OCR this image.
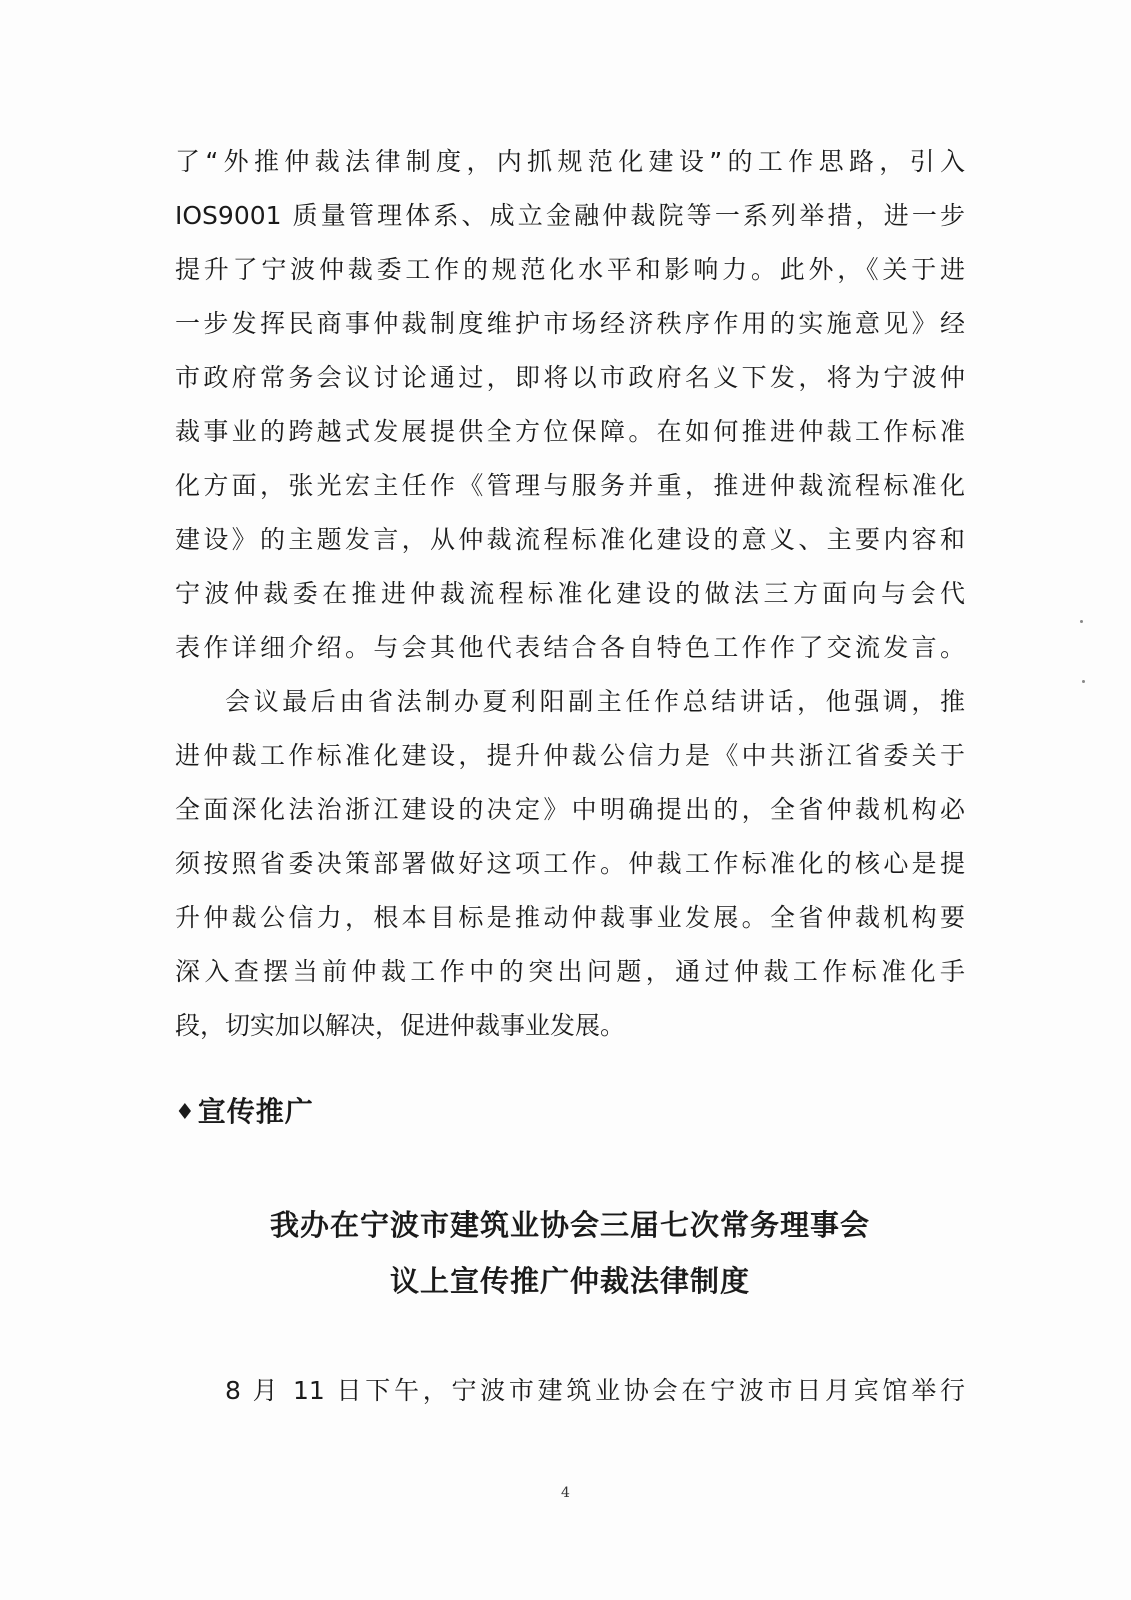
了“外推仲裁法律制度，内抓规范化建设”的工作思路，引入
IOS9001 质量管理体系、成立金融仲裁院等一系列举措，进一步
提升了宁波仲裁委工作的规范化水平和影响力。此外，《关于进
一步发挥民商事仲裁制度维护市场经济秩序作用的实施意见》经
市政府常务会议讨论通过，即将以市政府名义下发，将为宁波仲
裁事业的跨越式发展提供全方位保障。在如何推进仲裁工作标准
化方面，张光宏主任作《管理与服务并重，推进仲裁流程标准化
建设》的主题发言，从仲裁流程标准化建设的意义、主要内容和
宁波仲裁委在推进仲裁流程标准化建设的做法三方面向与会代
表作详细介绍。与会其他代表结合各自特色工作作了交流发言。
会议最后由省法制办夏利阳副主任作总结讲话，他强调，推
进仲裁工作标准化建设，提升仲裁公信力是《中共浙江省委关于
全面深化法治浙江建设的决定》中明确提出的，全省仲裁机构必
须按照省委决策部署做好这项工作。仲裁工作标准化的核心是提
升仲裁公信力，根本目标是推动仲裁事业发展。全省仲裁机构要
深入查摆当前仲裁工作中的突出问题，通过仲裁工作标准化手
段，切实加以解决，促进仲裁事业发展。
♦宣传推广
我办在宁波市建筑业协会三届七次常务理事会
议上宣传推广仲裁法律制度
8 月 11 日下午，宁波市建筑业协会在宁波市日月宾馆举行
4
